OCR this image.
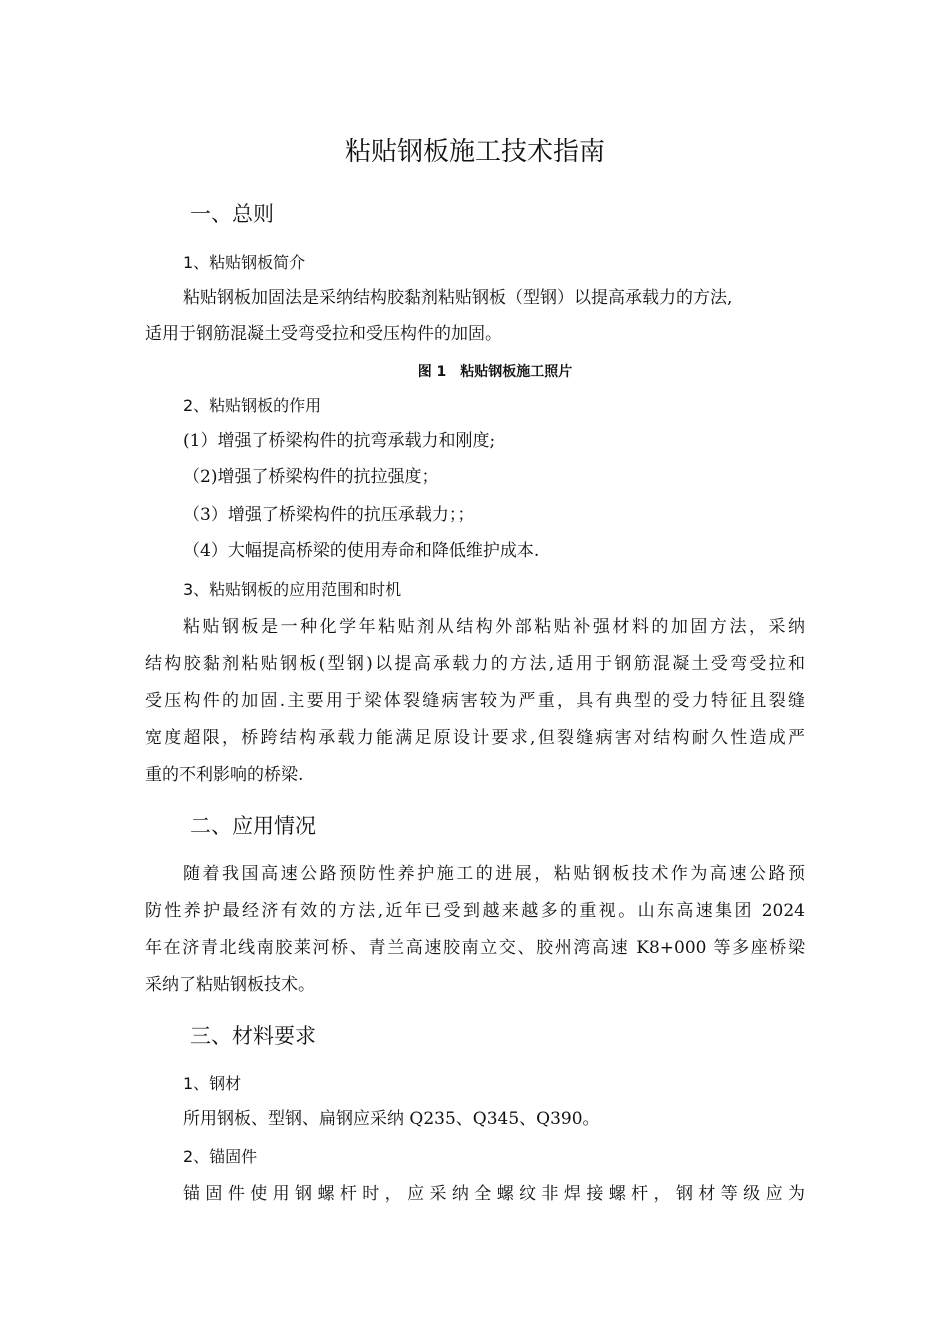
粘贴钢板施工技术指南
一、总则
1、粘贴钢板简介
粘贴钢板加固法是采纳结构胶黏剂粘贴钢板（型钢）以提高承载力的方法,
适用于钢筋混凝土受弯受拉和受压构件的加固。
图 1　粘贴钢板施工照片
2、粘贴钢板的作用
(1）增强了桥梁构件的抗弯承载力和刚度;
（2)增强了桥梁构件的抗拉强度；
（3）增强了桥梁构件的抗压承载力；；
（4）大幅提高桥梁的使用寿命和降低维护成本.
3、粘贴钢板的应用范围和时机
粘贴钢板是一种化学年粘贴剂从结构外部粘贴补强材料的加固方法，采纳
结构胶黏剂粘贴钢板(型钢)以提高承载力的方法,适用于钢筋混凝土受弯受拉和
受压构件的加固.主要用于梁体裂缝病害较为严重，具有典型的受力特征且裂缝
宽度超限，桥跨结构承载力能满足原设计要求,但裂缝病害对结构耐久性造成严
重的不利影响的桥梁.
二、应用情况
随着我国高速公路预防性养护施工的进展，粘贴钢板技术作为高速公路预
防性养护最经济有效的方法,近年已受到越来越多的重视。山东高速集团 2024
年在济青北线南胶莱河桥、青兰高速胶南立交、胶州湾高速 K8+000 等多座桥梁
采纳了粘贴钢板技术。
三、材料要求
1、钢材
所用钢板、型钢、扁钢应采纳 Q235、Q345、Q390。
2、锚固件
锚固件使用钢螺杆时，应采纳全螺纹非焊接螺杆，钢材等级应为
